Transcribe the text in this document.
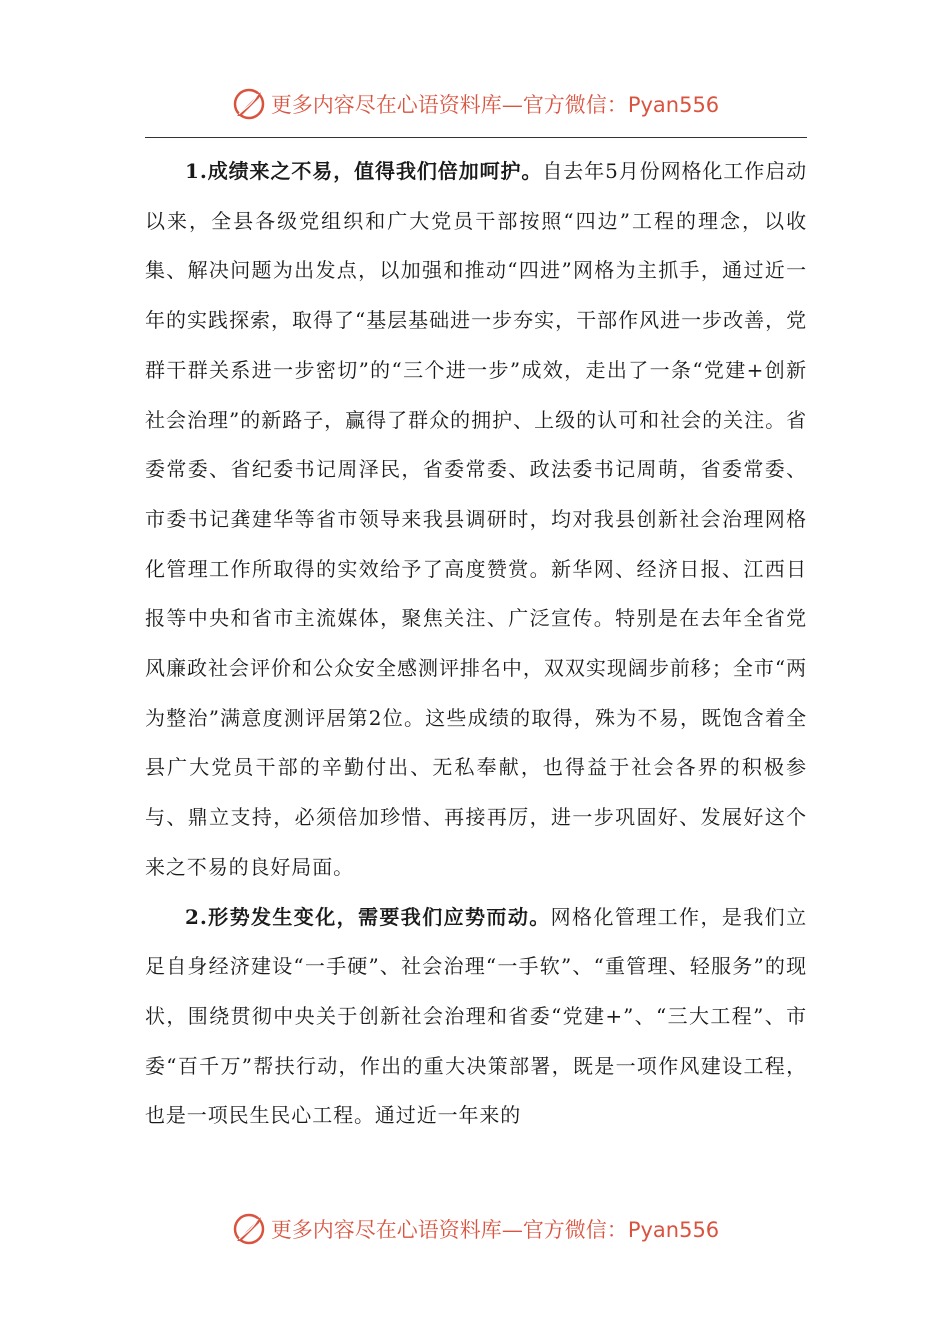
更多内容尽在心语资料库—官方微信：Pyan556

1.成绩来之不易，值得我们倍加呵护。自去年5月份网格化工作启动以来，全县各级党组织和广大党员干部按照“四边”工程的理念，以收集、解决问题为出发点，以加强和推动“四进”网格为主抓手，通过近一年的实践探索，取得了“基层基础进一步夯实，干部作风进一步改善，党群干群关系进一步密切”的“三个进一步”成效，走出了一条“党建+创新社会治理”的新路子，赢得了群众的拥护、上级的认可和社会的关注。省委常委、省纪委书记周泽民，省委常委、政法委书记周萌，省委常委、市委书记龚建华等省市领导来我县调研时，均对我县创新社会治理网格化管理工作所取得的实效给予了高度赞赏。新华网、经济日报、江西日报等中央和省市主流媒体，聚焦关注、广泛宣传。特别是在去年全省党风廉政社会评价和公众安全感测评排名中，双双实现阔步前移；全市“两为整治”满意度测评居第2位。这些成绩的取得，殊为不易，既饱含着全县广大党员干部的辛勤付出、无私奉献，也得益于社会各界的积极参与、鼎立支持，必须倍加珍惜、再接再厉，进一步巩固好、发展好这个来之不易的良好局面。

2.形势发生变化，需要我们应势而动。网格化管理工作，是我们立足自身经济建设“一手硬”、社会治理“一手软”、“重管理、轻服务”的现状，围绕贯彻中央关于创新社会治理和省委“党建+”、“三大工程”、市委“百千万”帮扶行动，作出的重大决策部署，既是一项作风建设工程，也是一项民生民心工程。通过近一年来的

更多内容尽在心语资料库—官方微信：Pyan556
